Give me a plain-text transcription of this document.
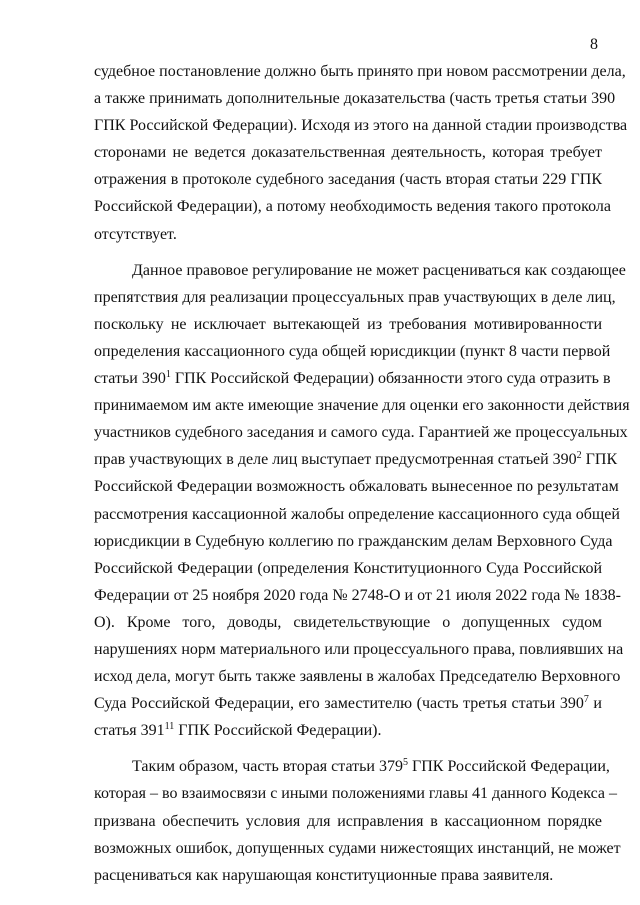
8
судебное постановление должно быть принято при новом рассмотрении дела,
а также принимать дополнительные доказательства (часть третья статьи 390
ГПК Российской Федерации). Исходя из этого на данной стадии производства
сторонами не ведется доказательственная деятельность, которая требует
отражения в протоколе судебного заседания (часть вторая статьи 229 ГПК
Российской Федерации), а потому необходимость ведения такого протокола
отсутствует.
Данное правовое регулирование не может расцениваться как создающее
препятствия для реализации процессуальных прав участвующих в деле лиц,
поскольку не исключает вытекающей из требования мотивированности
определения кассационного суда общей юрисдикции (пункт 8 части первой
статьи $390^1$ ГПК Российской Федерации) обязанности этого суда отразить в
принимаемом им акте имеющие значение для оценки его законности действия
участников судебного заседания и самого суда. Гарантией же процессуальных
прав участвующих в деле лиц выступает предусмотренная статьей $390^2$ ГПК
Российской Федерации возможность обжаловать вынесенное по результатам
рассмотрения кассационной жалобы определение кассационного суда общей
юрисдикции в Судебную коллегию по гражданским делам Верховного Суда
Российской Федерации (определения Конституционного Суда Российской
Федерации от 25 ноября 2020 года № 2748-О и от 21 июля 2022 года № 1838-
О). Кроме того, доводы, свидетельствующие о допущенных судом
нарушениях норм материального или процессуального права, повлиявших на
исход дела, могут быть также заявлены в жалобах Председателю Верховного
Суда Российской Федерации, его заместителю (часть третья статьи $390^7$ и
статья $391^{11}$ ГПК Российской Федерации).
Таким образом, часть вторая статьи $379^5$ ГПК Российской Федерации,
которая – во взаимосвязи с иными положениями главы 41 данного Кодекса –
призвана обеспечить условия для исправления в кассационном порядке
возможных ошибок, допущенных судами нижестоящих инстанций, не может
расцениваться как нарушающая конституционные права заявителя.
